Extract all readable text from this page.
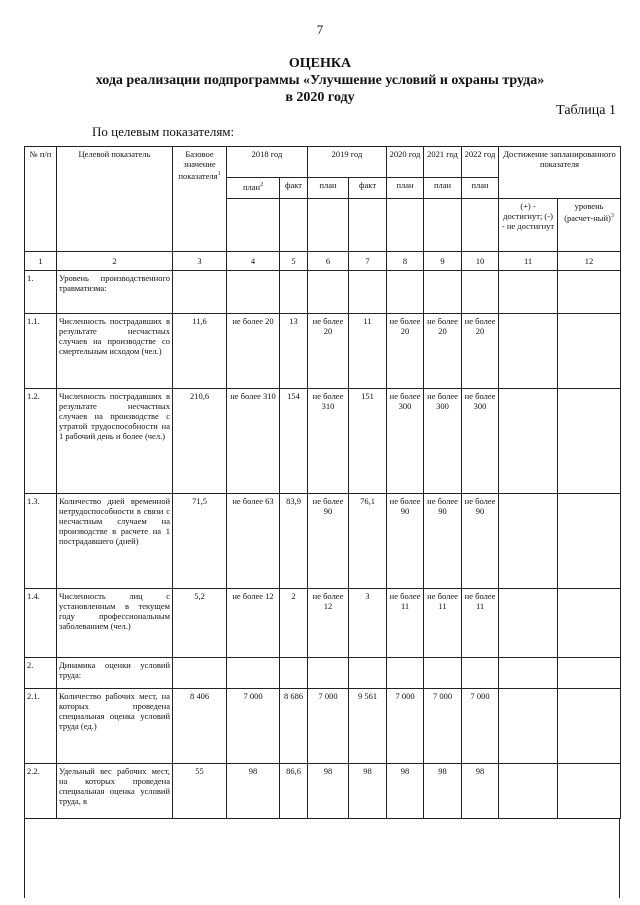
7
ОЦЕНКА
хода реализации подпрограммы «Улучшение условий и охраны труда»
в 2020 году
Таблица 1
По целевым показателям:
№ п/п	Целевой показатель	Базовое значение показателя$^1$	2018 год		2019 год		2020 год	2021 год	2022 год	Достижение запланированного показателя	
			план$^2$	факт	план	факт	план	план	план		
										(+) - достигнут; (-) - не достигнут	уровень (расчет-ный)$^3$
1	2	3	4	5	6	7	8	9	10	11	12
1.	Уровень производственного травматизма:										
1.1.	Численность пострадавших в результате несчастных случаев на производстве со смертельным исходом (чел.)	11,6	не более 20	13	не более 20	11	не более 20	не более 20	не более 20		
1.2.	Численность пострадавших в результате несчастных случаев на производстве с утратой трудоспособности на 1 рабочий день и более (чел.)	210,6	не более 310	154	не более 310	151	не более 300	не более 300	не более 300		
1.3.	Количество дней временной нетрудоспособности в связи с несчастным случаем на производстве в расчете на 1 пострадавшего (дней)	71,5	не более 63	83,9	не более 90	76,1	не более 90	не более 90	не более 90		
1.4.	Численность лиц с установленным в текущем году профессиональным заболеванием (чел.)	5,2	не более 12	2	не более 12	3	не более 11	не более 11	не более 11		
2.	Динамика оценки условий труда:										
2.1.	Количество рабочих мест, на которых проведена специальная оценка условий труда (ед.)	8 406	7 000	8 686	7 000	9 561	7 000	7 000	7 000		
2.2.	Удельный вес рабочих мест, на которых проведена специальная оценка условий труда, в	55	98	86,6	98	98	98	98	98		
